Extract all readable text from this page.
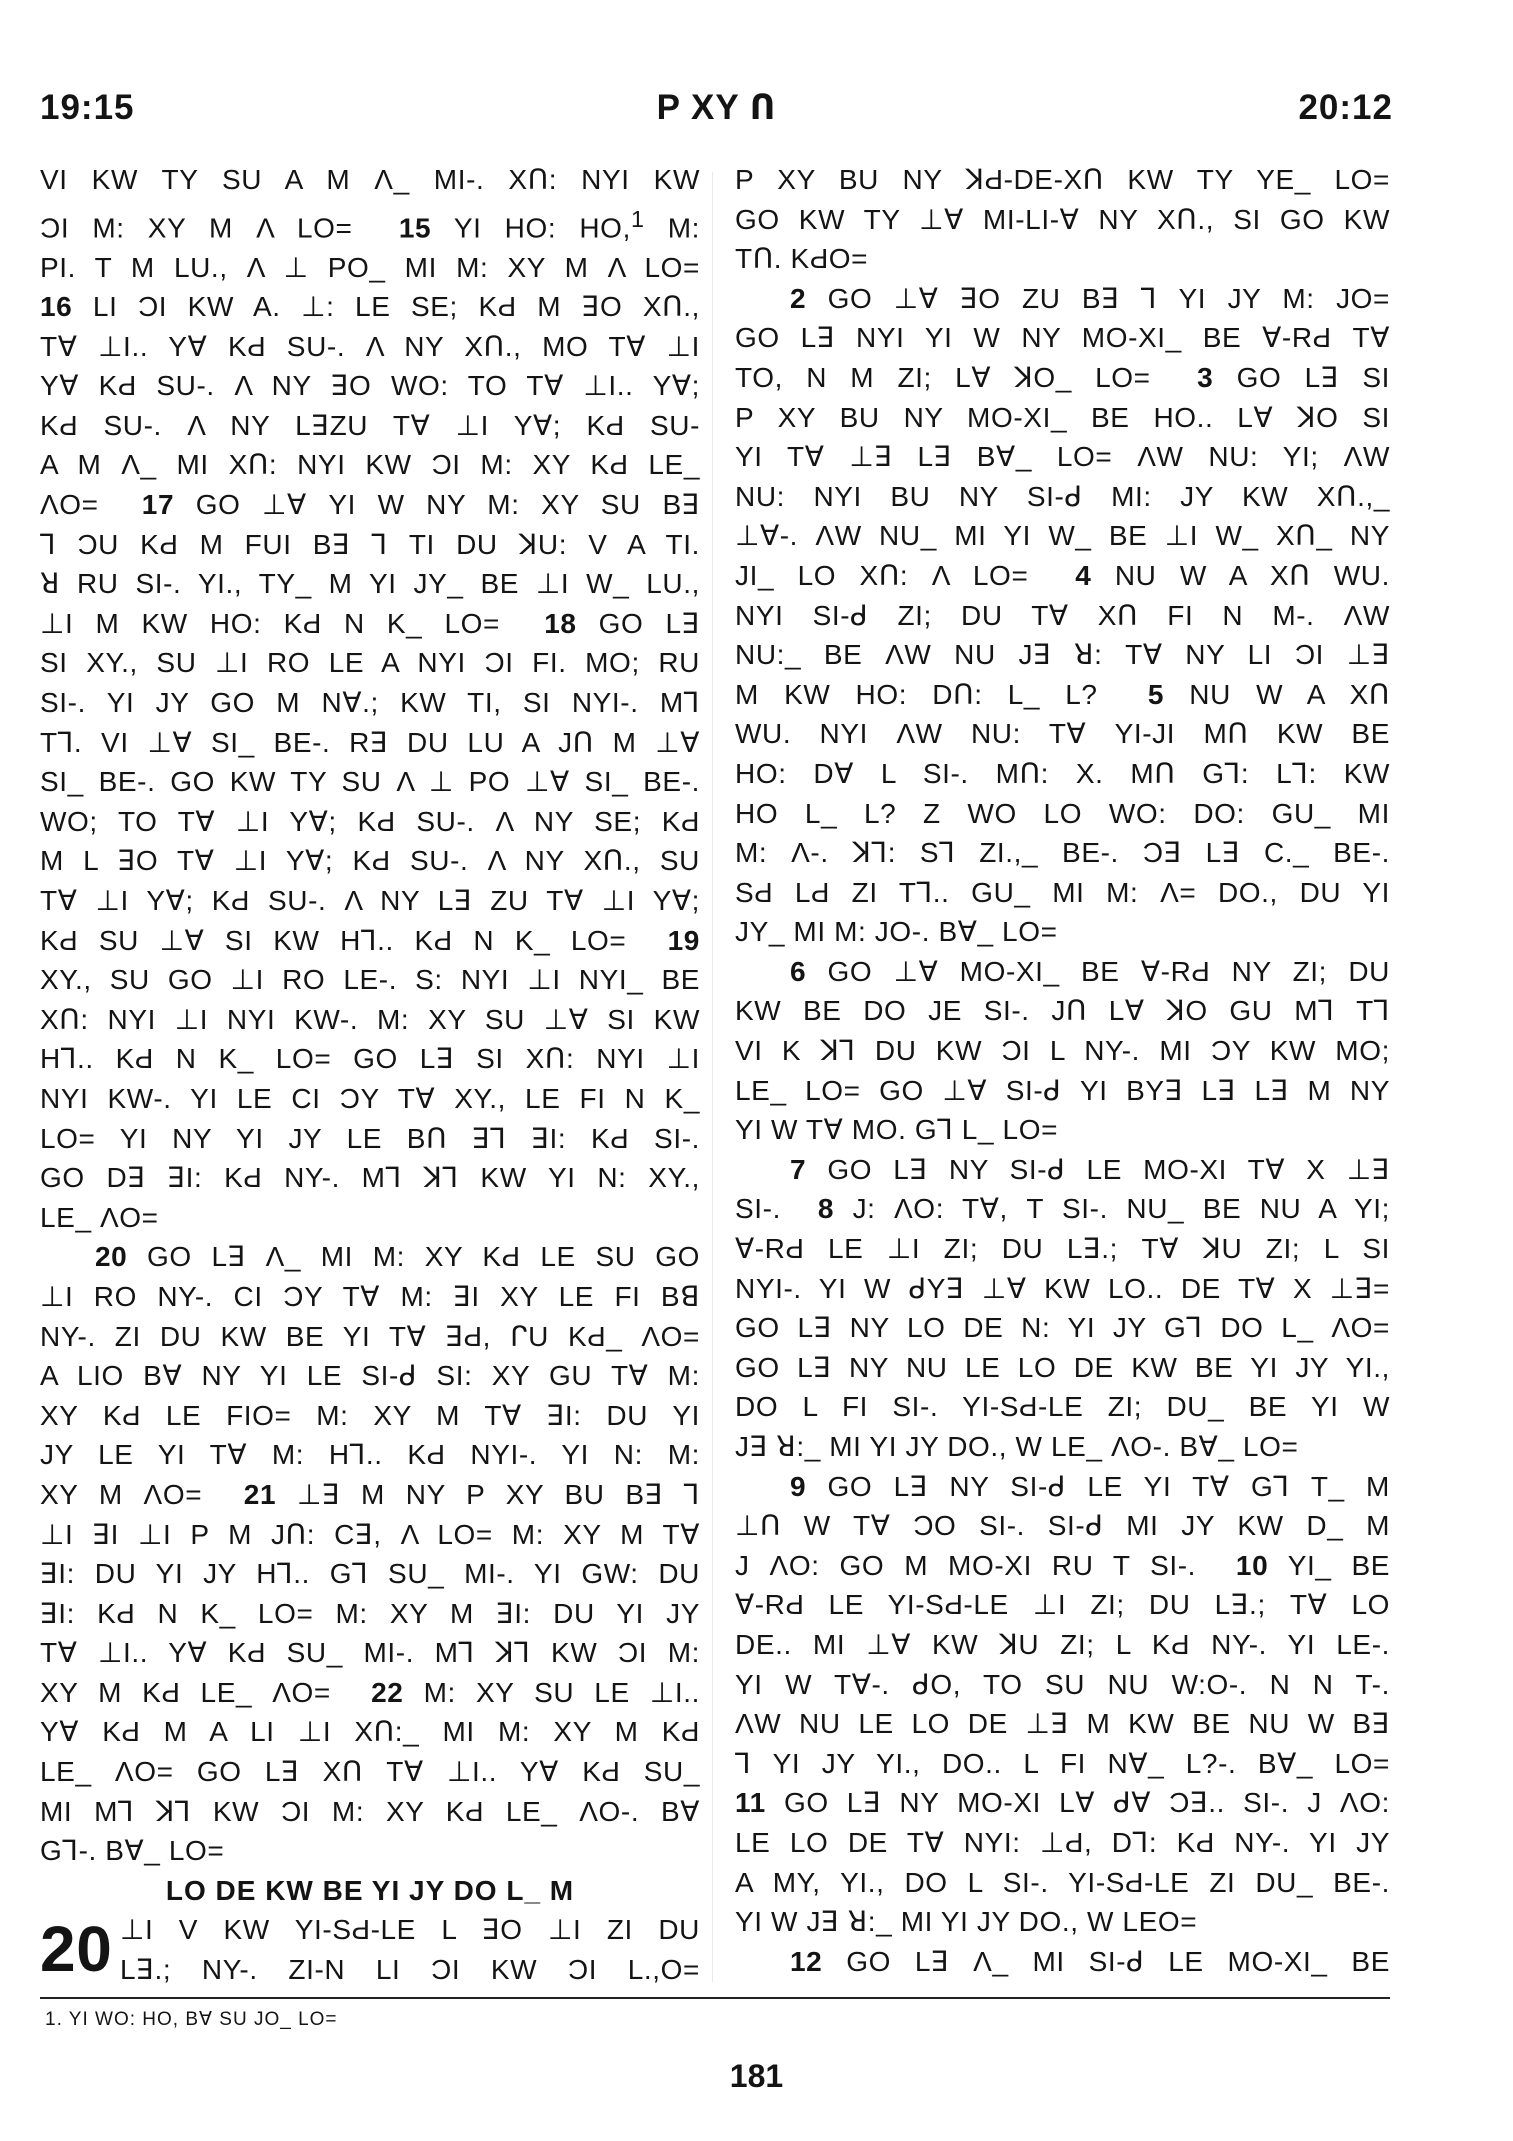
19:15	P XY Ո	20:12

VI KW TY SU A M Λ_ MI-. XՈ: NYI KW

ƆI M: XY M Λ LO= 15 YI HO: HO,$^1$ M:

PI. T M LU., Λ ⊥ PO_ MI M: XY M Λ LO=

16 LI ƆI KW A. ⊥: LE SE; KԀ M ꓱO XՈ.,

Tꓯ ⊥I.. Yꓯ KԀ SU-. Λ NY XՈ., MO Tꓯ ⊥I

Yꓯ KԀ SU-. Λ NY ꓱO WO: TO Tꓯ ⊥I.. Yꓯ;

KԀ SU-. Λ NY LꓱZU Tꓯ ⊥I Yꓯ; KԀ SU-

A M Λ_ MI XՈ: NYI KW ƆI M: XY KԀ LE_

ΛO= 17 GO ⊥ꓯ YI W NY M: XY SU Bꓱ

ꓶ ƆU KԀ M FUI Bꓱ ꓶ TI DU ꓘU: V A TI.

ꓤ RU SI-. YI., TY_ M YI JY_ BE ⊥I W_ LU.,

⊥I M KW HO: KԀ N K_ LO= 18 GO Lꓱ

SI XY., SU ⊥I RO LE A NYI ƆI FI. MO; RU

SI-. YI JY GO M Nꓯ.; KW TI, SI NYI-. Mꓶ

Tꓶ. VI ⊥ꓯ SI_ BE-. Rꓱ DU LU A JՈ M ⊥ꓯ

SI_ BE-. GO KW TY SU Λ ⊥ PO ⊥ꓯ SI_ BE-.

WO; TO Tꓯ ⊥I Yꓯ; KԀ SU-. Λ NY SE; KԀ

M L ꓱO Tꓯ ⊥I Yꓯ; KԀ SU-. Λ NY XՈ., SU

Tꓯ ⊥I Yꓯ; KԀ SU-. Λ NY Lꓱ ZU Tꓯ ⊥I Yꓯ;

KԀ SU ⊥ꓯ SI KW Hꓶ.. KԀ N K_ LO= 19

XY., SU GO ⊥I RO LE-. S: NYI ⊥I NYI_ BE

XՈ: NYI ⊥I NYI KW-. M: XY SU ⊥ꓯ SI KW

Hꓶ.. KԀ N K_ LO= GO Lꓱ SI XՈ: NYI ⊥I

NYI KW-. YI LE CI ƆY Tꓯ XY., LE FI N K_

LO= YI NY YI JY LE BՈ ꓱꓶ ꓱI: KԀ SI-.

GO Dꓱ ꓱI: KԀ NY-. Mꓶ ꓘꓶ KW YI N: XY.,

LE_ ΛO=

20 GO Lꓱ Λ_ MI M: XY KԀ LE SU GO

⊥I RO NY-. CI ƆY Tꓯ M: ꓱI XY LE FI Bꓭ

NY-. ZI DU KW BE YI Tꓯ ꓱԀ, ᒋU KԀ_ ΛO=

A LIO Bꓯ NY YI LE SI-ᑯ SI: XY GU Tꓯ M:

XY KԀ LE FIO= M: XY M Tꓯ ꓱI: DU YI

JY LE YI Tꓯ M: Hꓶ.. KԀ NYI-. YI N: M:

XY M ΛO= 21 ⊥ꓱ M NY P XY BU Bꓱ ꓶ

⊥I ꓱI ⊥I P M JՈ: Cꓱ, Λ LO= M: XY M Tꓯ

ꓱI: DU YI JY Hꓶ.. Gꓶ SU_ MI-. YI GW: DU

ꓱI: KԀ N K_ LO= M: XY M ꓱI: DU YI JY

Tꓯ ⊥I.. Yꓯ KԀ SU_ MI-. Mꓶ ꓘꓶ KW ƆI M:

XY M KԀ LE_ ΛO= 22 M: XY SU LE ⊥I..

Yꓯ KԀ M A LI ⊥I XՈ:_ MI M: XY M KԀ

LE_ ΛO= GO Lꓱ XՈ Tꓯ ⊥I.. Yꓯ KԀ SU_

MI Mꓶ ꓘꓶ KW ƆI M: XY KԀ LE_ ΛO-. Bꓯ

Gꓶ-. Bꓯ_ LO=

LO DE KW BE YI JY DO L_ M

20 ⊥I V KW YI-SԀ-LE L ꓱO ⊥I ZI DU

Lꓱ.; NY-. ZI-N LI ƆI KW ƆI L.,O=

P XY BU NY ꓘԀ-DE-XՈ KW TY YE_ LO=

GO KW TY ⊥ꓯ MI-LI-ꓯ NY XՈ., SI GO KW

TՈ. KԀO=

2 GO ⊥ꓯ ꓱO ZU Bꓱ ꓶ YI JY M: JO=

GO Lꓱ NYI YI W NY MO-XI_ BE ꓯ-RԀ Tꓯ

TO, N M ZI; Lꓯ ꓘO_ LO= 3 GO Lꓱ SI

P XY BU NY MO-XI_ BE HO.. Lꓯ ꓘO SI

YI Tꓯ ⊥ꓱ Lꓱ Bꓯ_ LO= ΛW NU: YI; ΛW

NU: NYI BU NY SI-ᑯ MI: JY KW XՈ.,_

⊥ꓯ-. ΛW NU_ MI YI W_ BE ⊥I W_ XՈ_ NY

JI_ LO XՈ: Λ LO= 4 NU W A XՈ WU.

NYI SI-ᑯ ZI; DU Tꓯ XՈ FI N M-. ΛW

NU:_ BE ΛW NU Jꓱ ꓤ: Tꓯ NY LI ƆI ⊥ꓱ

M KW HO: DՈ: L_ L? 5 NU W A XՈ

WU. NYI ΛW NU: Tꓯ YI-JI MՈ KW BE

HO: Dꓯ L SI-. MՈ: X. MՈ Gꓶ: Lꓶ: KW

HO L_ L? Z WO LO WO: DO: GU_ MI

M: Λ-. ꓘꓶ: Sꓶ ZI.,_ BE-. Ɔꓱ Lꓱ C._ BE-.

SԀ LԀ ZI Tꓶ.. GU_ MI M: Λ= DO., DU YI

JY_ MI M: JO-. Bꓯ_ LO=

6 GO ⊥ꓯ MO-XI_ BE ꓯ-RԀ NY ZI; DU

KW BE DO JE SI-. JՈ Lꓯ ꓘO GU Mꓶ Tꓶ

VI K ꓘꓶ DU KW ƆI L NY-. MI ƆY KW MO;

LE_ LO= GO ⊥ꓯ SI-ᑯ YI BYꓱ Lꓱ Lꓱ M NY

YI W Tꓯ MO. Gꓶ L_ LO=

7 GO Lꓱ NY SI-ᑯ LE MO-XI Tꓯ X ⊥ꓱ

SI-. 8 J: ΛO: Tꓯ, T SI-. NU_ BE NU A YI;

ꓯ-RԀ LE ⊥I ZI; DU Lꓱ.; Tꓯ ꓘU ZI; L SI

NYI-. YI W ᑯYꓱ ⊥ꓯ KW LO.. DE Tꓯ X ⊥ꓱ=

GO Lꓱ NY LO DE N: YI JY Gꓶ DO L_ ΛO=

GO Lꓱ NY NU LE LO DE KW BE YI JY YI.,

DO L FI SI-. YI-SԀ-LE ZI; DU_ BE YI W

Jꓱ ꓤ:_ MI YI JY DO., W LE_ ΛO-. Bꓯ_ LO=

9 GO Lꓱ NY SI-ᑯ LE YI Tꓯ Gꓶ T_ M

⊥Ո W Tꓯ ƆO SI-. SI-ᑯ MI JY KW D_ M

J ΛO: GO M MO-XI RU T SI-. 10 YI_ BE

ꓯ-RԀ LE YI-SԀ-LE ⊥I ZI; DU Lꓱ.; Tꓯ LO

DE.. MI ⊥ꓯ KW ꓘU ZI; L KԀ NY-. YI LE-.

YI W Tꓯ-. ᑯO, TO SU NU W:O-. N N T-.

ΛW NU LE LO DE ⊥ꓱ M KW BE NU W Bꓱ

ꓶ YI JY YI., DO.. L FI Nꓯ_ L?-. Bꓯ_ LO=

11 GO Lꓱ NY MO-XI Lꓯ ᑯꓯ Ɔꓱ.. SI-. J ΛO:

LE LO DE Tꓯ NYI: ⊥Ԁ, Dꓶ: KԀ NY-. YI JY

A MY, YI., DO L SI-. YI-SԀ-LE ZI DU_ BE-.

YI W Jꓱ ꓤ:_ MI YI JY DO., W LEO=

12 GO Lꓱ Λ_ MI SI-ᑯ LE MO-XI_ BE

1. YI WO: HO, Bꓯ SU JO_ LO=
181
